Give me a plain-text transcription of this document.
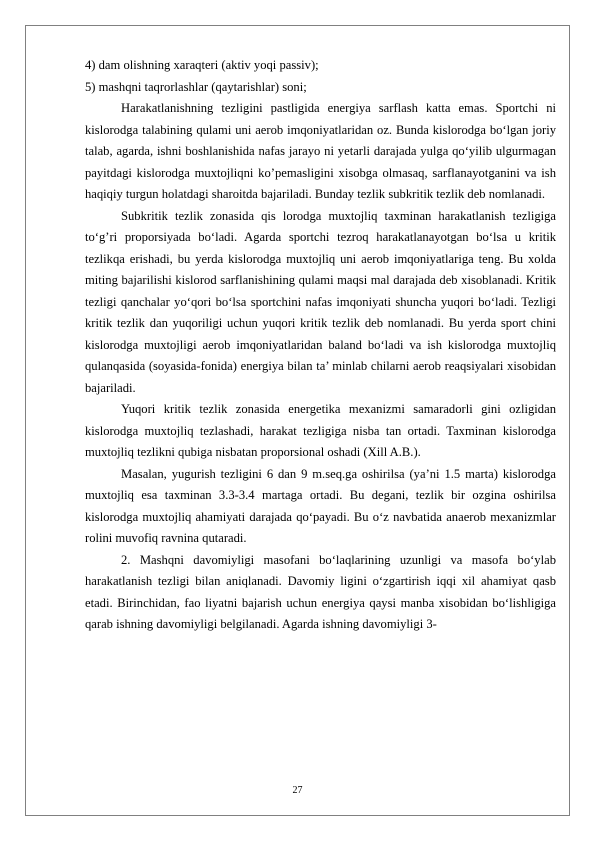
4) dam olishning xaraqteri (aktiv yoqi passiv);

5) mashqni taqrorlashlar (qaytarishlar) soni;

Harakatlanishning tezligini pastligida energiya sarflash katta emas. Sportchi ni kislorodga talabining qulami uni aerob imqoniyatlaridan oz. Bunda kislorodga bo‘lgan joriy talab, agarda, ishni boshlanishida nafas jarayo ni yetarli darajada yulga qo‘yilib ulgurmagan payitdagi kislorodga muxtojliqni ko’pemasligini xisobga olmasaq, sarflanayotganini va ish haqiqiy turgun holatdagi sharoitda bajariladi. Bunday tezlik subkritik tezlik deb nomlanadi.

Subkritik tezlik zonasida qis lorodga muxtojliq taxminan harakatlanish tezligiga to‘g’ri proporsiyada bo‘ladi. Agarda sportchi tezroq harakatlanayotgan bo‘lsa u kritik tezlikqa erishadi, bu yerda kislorodga muxtojliq uni aerob imqoniyatlariga teng. Bu xolda miting bajarilishi kislorod sarflanishining qulami maqsi mal darajada deb xisoblanadi. Kritik tezligi qanchalar yo‘qori bo‘lsa sportchini nafas imqoniyati shuncha yuqori bo‘ladi. Tezligi kritik tezlik dan yuqoriligi uchun yuqori kritik tezlik deb nomlanadi. Bu yerda sport chini kislorodga muxtojligi aerob imqoniyatlaridan baland bo‘ladi va ish kislorodga muxtojliq qulanqasida (soyasida-fonida) energiya bilan ta’ minlab chilarni aerob reaqsiyalari xisobidan bajariladi.

Yuqori kritik tezlik zonasida energetika mexanizmi samaradorli gini ozligidan kislorodga muxtojliq tezlashadi, harakat tezligiga nisba tan ortadi. Taxminan kislorodga muxtojliq tezlikni qubiga nisbatan proporsional oshadi (Xill A.B.).

Masalan, yugurish tezligini 6 dan 9 m.seq.ga oshirilsa (ya’ni 1.5 marta) kislorodga muxtojliq esa taxminan 3.3-3.4 martaga ortadi. Bu degani, tezlik bir ozgina oshirilsa kislorodga muxtojliq ahamiyati darajada qo‘payadi. Bu o‘z navbatida anaerob mexanizmlar rolini muvofiq ravnina qutaradi.

2. Mashqni davomiyligi masofani bo‘laqlarining uzunligi va masofa bo‘ylab harakatlanish tezligi bilan aniqlanadi. Davomiy ligini o‘zgartirish iqqi xil ahamiyat qasb etadi. Birinchidan, fao liyatni bajarish uchun energiya qaysi manba xisobidan bo‘lishligiga qarab ishning davomiyligi belgilanadi. Agarda ishning davomiyligi 3-

27
